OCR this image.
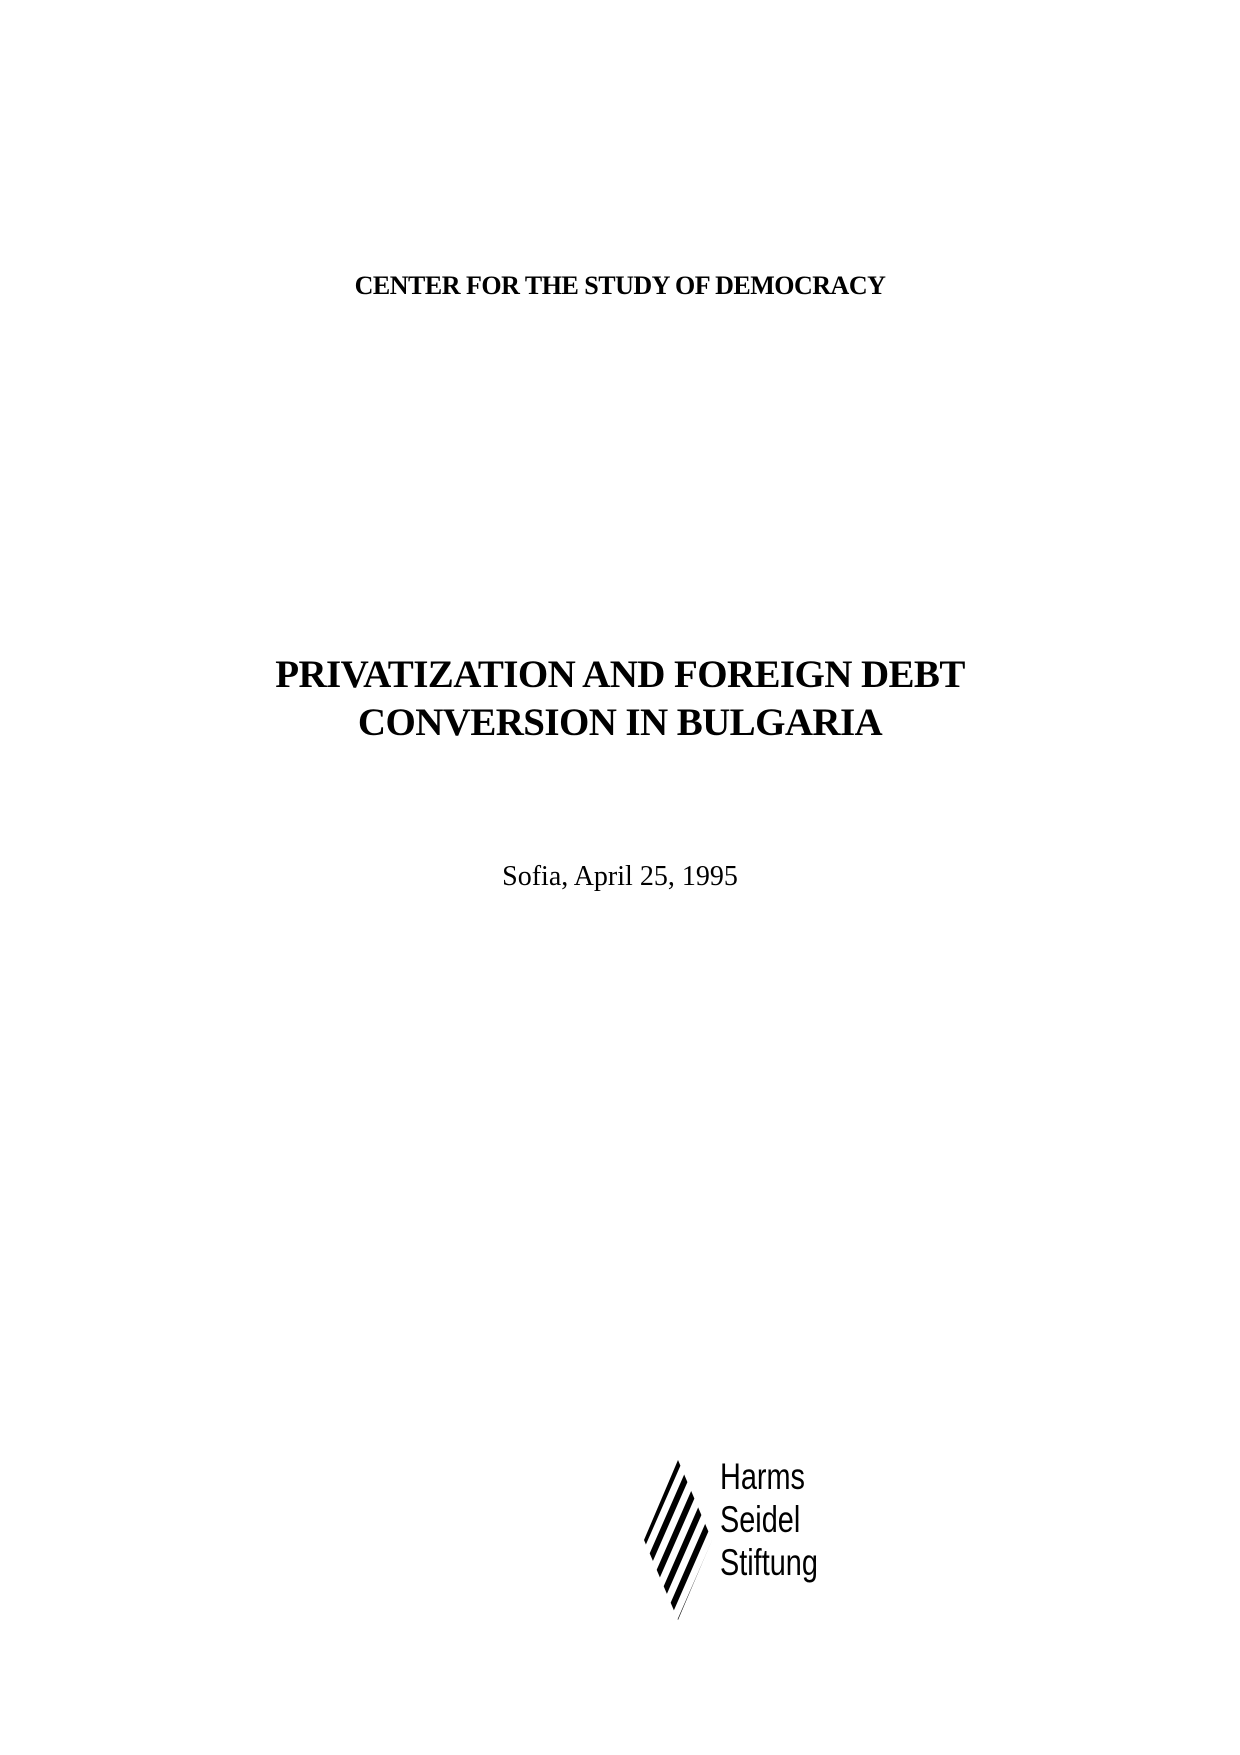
CENTER FOR THE STUDY OF DEMOCRACY
PRIVATIZATION AND FOREIGN DEBT
CONVERSION IN BULGARIA
Sofia, April 25, 1995
Harms
Seidel
Stiftung
